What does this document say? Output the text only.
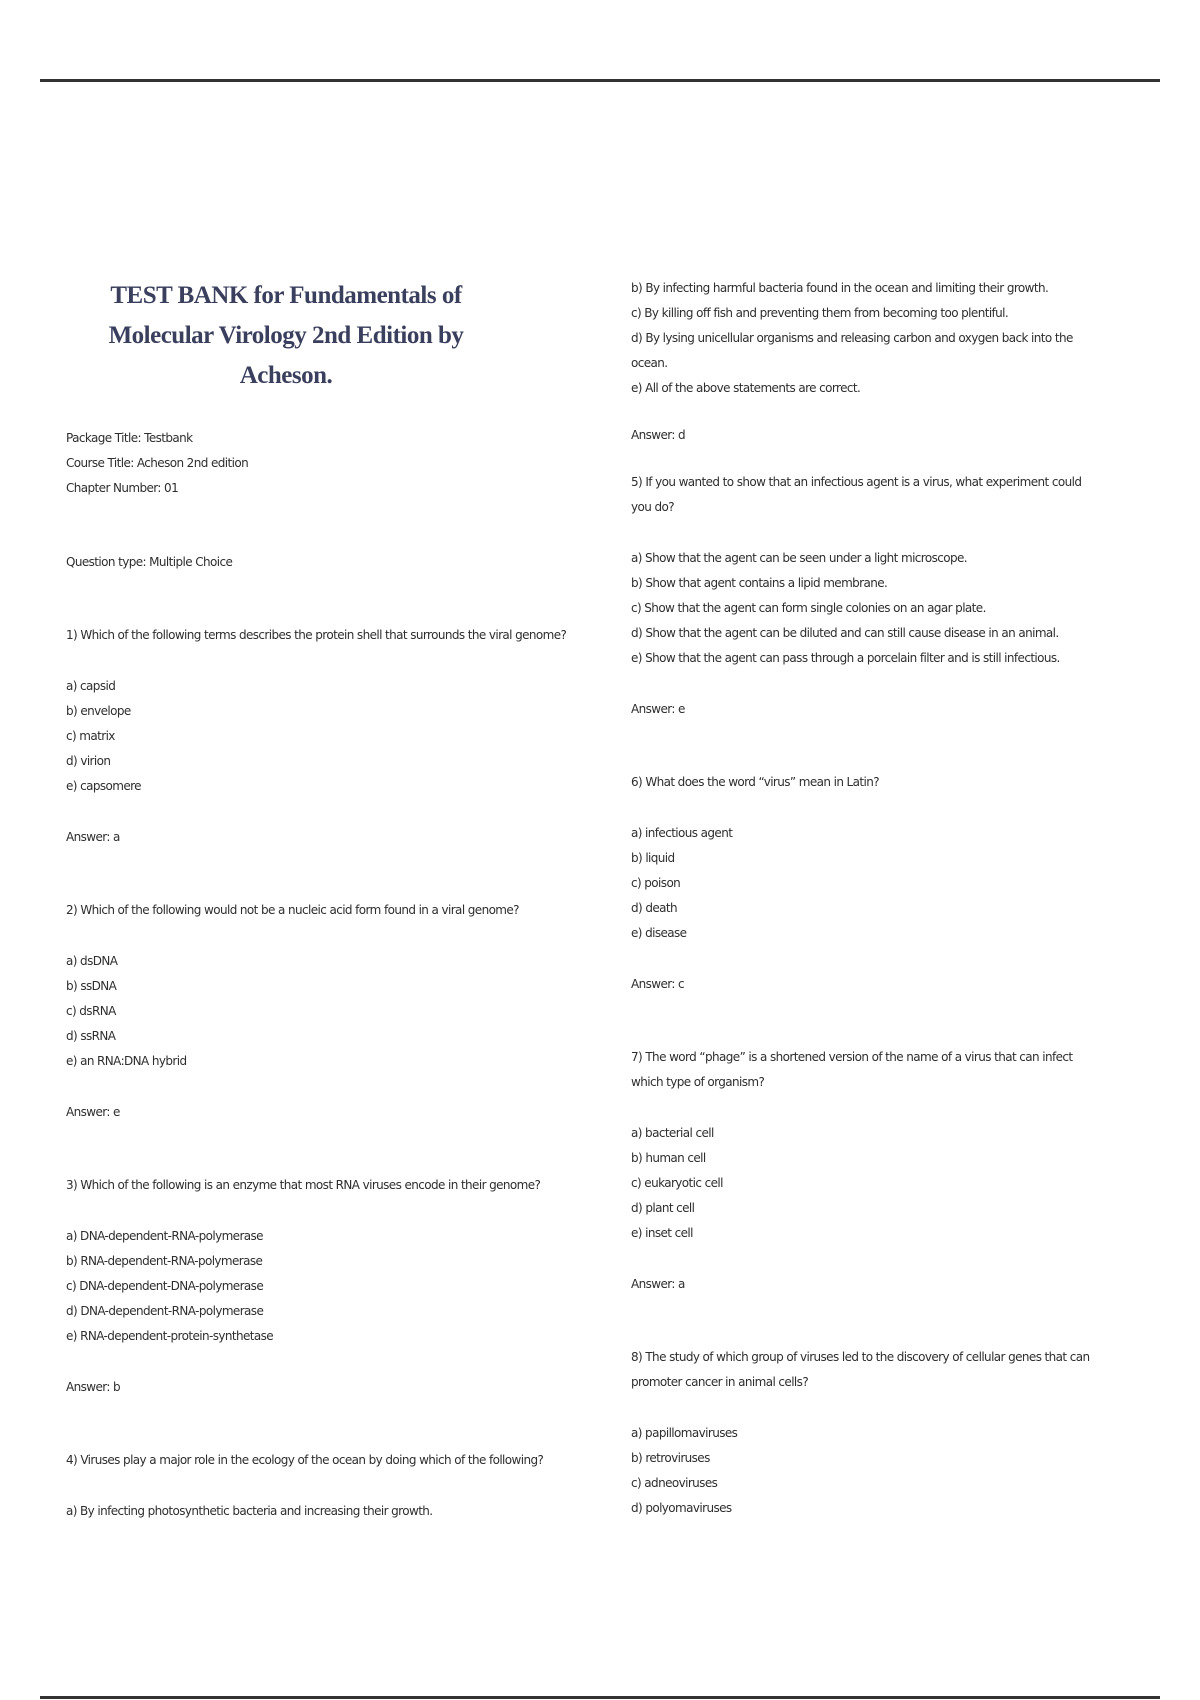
TEST BANK for Fundamentals of Molecular Virology 2nd Edition by Acheson.
Package Title: Testbank
Course Title: Acheson 2nd edition
Chapter Number: 01
Question type: Multiple Choice
1) Which of the following terms describes the protein shell that surrounds the viral genome?
a) capsid
b) envelope
c) matrix
d) virion
e) capsomere
Answer: a
2) Which of the following would not be a nucleic acid form found in a viral genome?
a) dsDNA
b) ssDNA
c) dsRNA
d) ssRNA
e) an RNA:DNA hybrid
Answer: e
3) Which of the following is an enzyme that most RNA viruses encode in their genome?
a) DNA-dependent-RNA-polymerase
b) RNA-dependent-RNA-polymerase
c) DNA-dependent-DNA-polymerase
d) DNA-dependent-RNA-polymerase
e) RNA-dependent-protein-synthetase
Answer: b
4) Viruses play a major role in the ecology of the ocean by doing which of the following?
a) By infecting photosynthetic bacteria and increasing their growth.
b) By infecting harmful bacteria found in the ocean and limiting their growth.
c) By killing off fish and preventing them from becoming too plentiful.
d) By lysing unicellular organisms and releasing carbon and oxygen back into the ocean.
e) All of the above statements are correct.
Answer: d
5) If you wanted to show that an infectious agent is a virus, what experiment could you do?
a) Show that the agent can be seen under a light microscope.
b) Show that agent contains a lipid membrane.
c) Show that the agent can form single colonies on an agar plate.
d) Show that the agent can be diluted and can still cause disease in an animal.
e) Show that the agent can pass through a porcelain filter and is still infectious.
Answer: e
6) What does the word “virus” mean in Latin?
a) infectious agent
b) liquid
c) poison
d) death
e) disease
Answer: c
7) The word “phage” is a shortened version of the name of a virus that can infect which type of organism?
a) bacterial cell
b) human cell
c) eukaryotic cell
d) plant cell
e) inset cell
Answer: a
8) The study of which group of viruses led to the discovery of cellular genes that can promoter cancer in animal cells?
a) papillomaviruses
b) retroviruses
c) adneoviruses
d) polyomaviruses
